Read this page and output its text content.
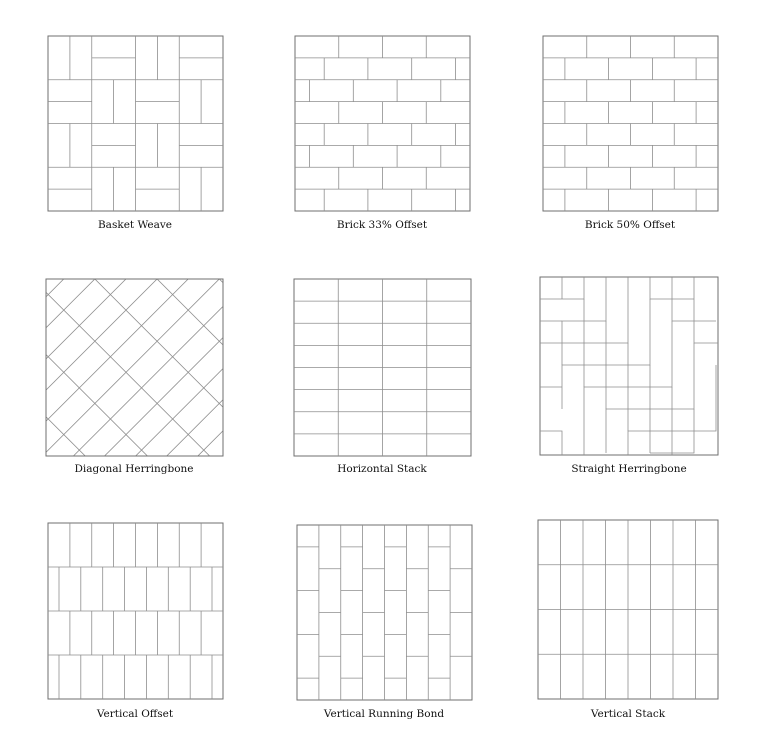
Basket Weave	Brick 33% Offset	Brick 50% Offset
Diagonal Herringbone	Horizontal Stack	Straight Herringbone
Vertical Offset	Vertical Running Bond	Vertical Stack
